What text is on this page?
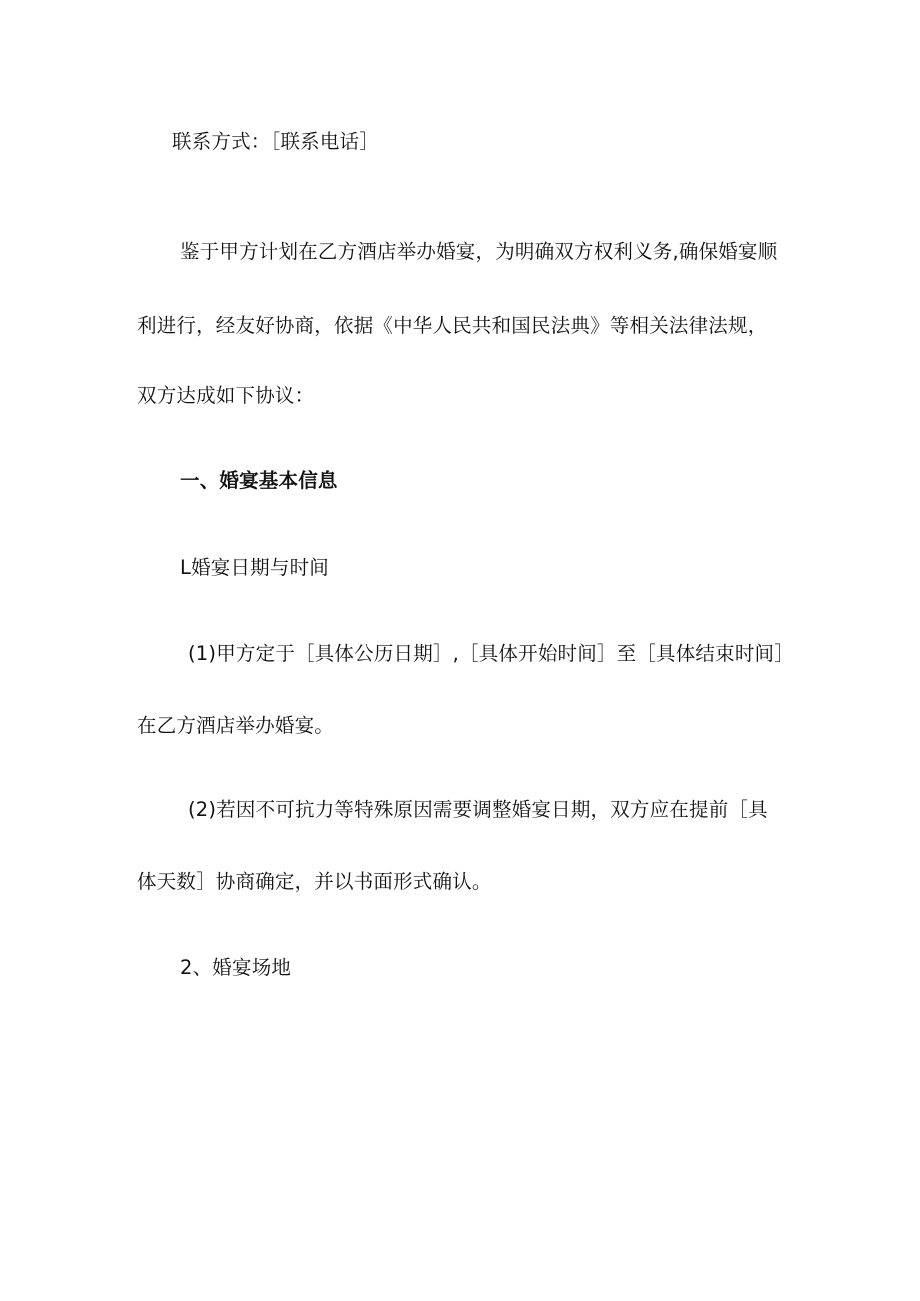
联系方式：［联系电话］
鉴于甲方计划在乙方酒店举办婚宴，为明确双方权利义务,确保婚宴顺
利进行，经友好协商，依据《中华人民共和国民法典》等相关法律法规，
双方达成如下协议：
一、婚宴基本信息
L婚宴日期与时间
(1)甲方定于［具体公历日期］,［具体开始时间］至［具体结束时间］
在乙方酒店举办婚宴。
(2)若因不可抗力等特殊原因需要调整婚宴日期，双方应在提前［具
体天数］协商确定，并以书面形式确认。
2、婚宴场地
